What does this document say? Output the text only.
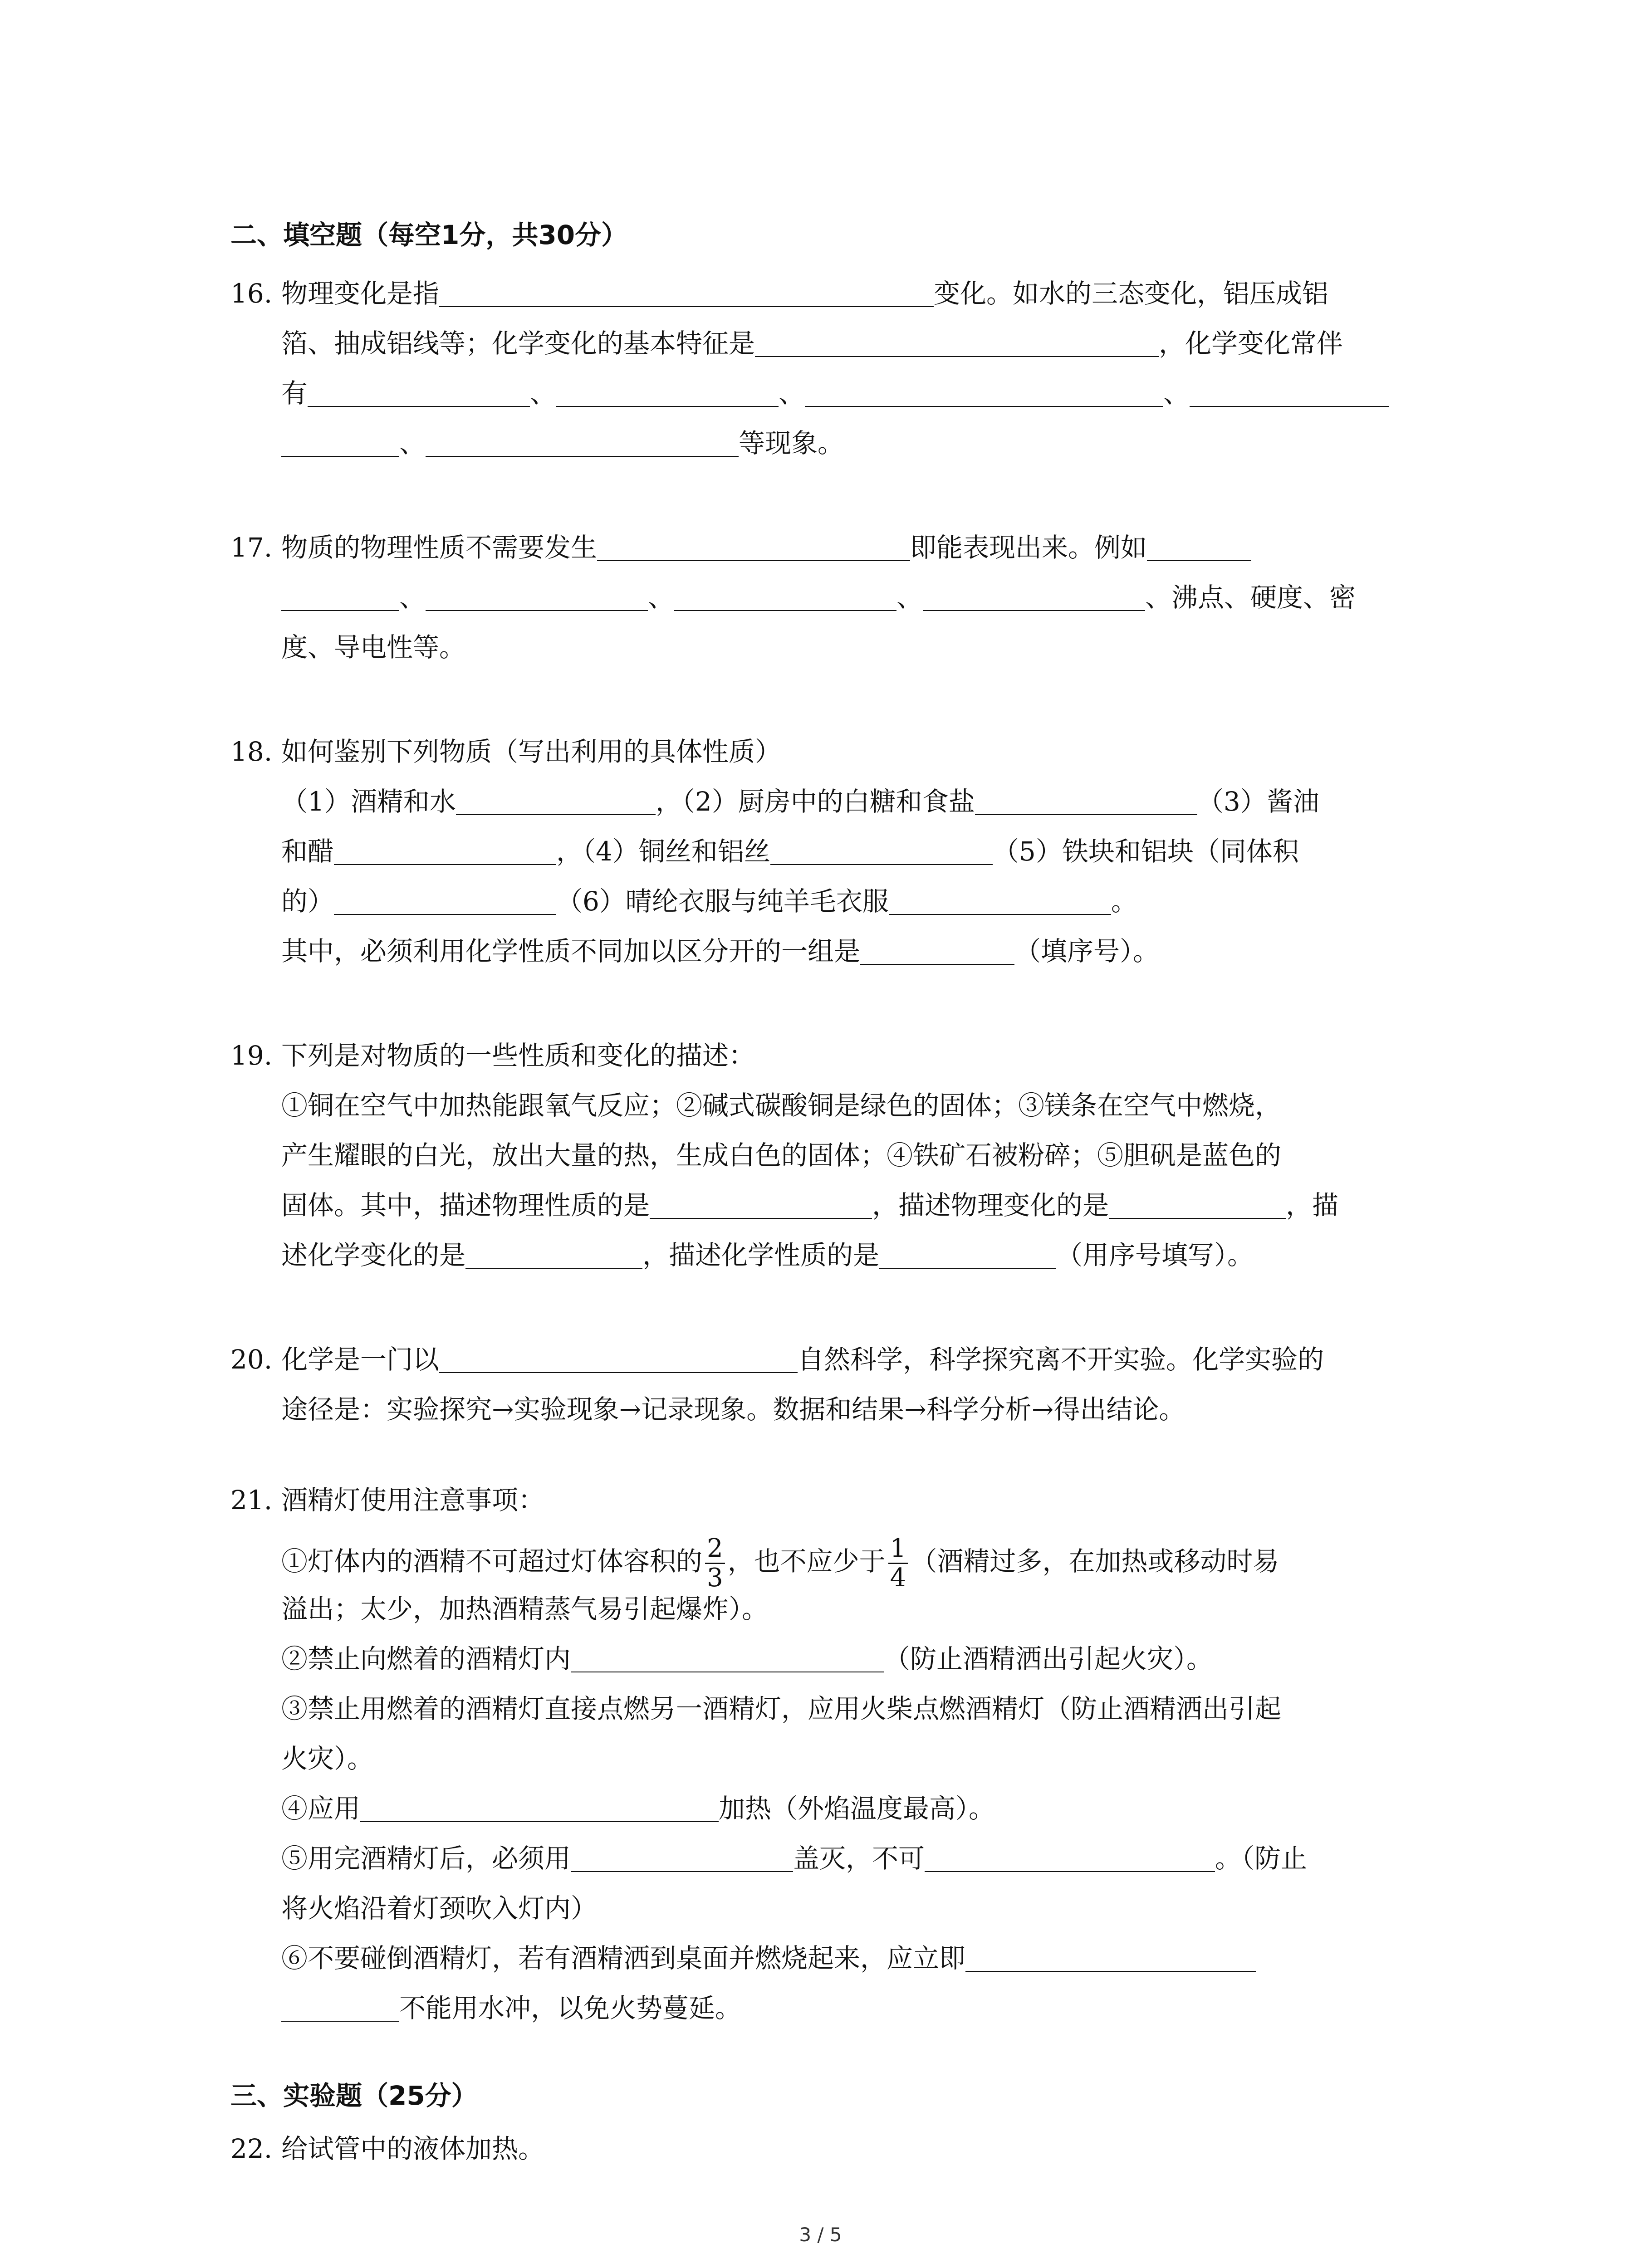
二、填空题（每空1分，共30分）
16. 物理变化是指	变化。如水的三态变化，铝压成铝
箔、抽成铝线等；化学变化的基本特征是	，化学变化常伴
有	、	、	、
、	等现象。
17. 物质的物理性质不需要发生	即能表现出来。例如
、	、	、	、沸点、硬度、密
度、导电性等。
18. 如何鉴别下列物质（写出利用的具体性质）
（1）酒精和水	，（2）厨房中的白糖和食盐	（3）酱油
和醋	，（4）铜丝和铝丝	（5）铁块和铝块（同体积
的）	（6）晴纶衣服与纯羊毛衣服	。
其中，必须利用化学性质不同加以区分开的一组是	（填序号）。
19. 下列是对物质的一些性质和变化的描述：
①铜在空气中加热能跟氧气反应；②碱式碳酸铜是绿色的固体；③镁条在空气中燃烧，
产生耀眼的白光，放出大量的热，生成白色的固体；④铁矿石被粉碎；⑤胆矾是蓝色的
固体。其中，描述物理性质的是	，描述物理变化的是	，描
述化学变化的是	，描述化学性质的是	（用序号填写）。
20. 化学是一门以	自然科学，科学探究离不开实验。化学实验的
途径是：实验探究→实验现象→记录现象。数据和结果→科学分析→得出结论。
21. 酒精灯使用注意事项：
①灯体内的酒精不可超过灯体容积的 $\frac{2}{3}$ ，也不应少于 $\frac{1}{4}$ （酒精过多，在加热或移动时易
溢出；太少，加热酒精蒸气易引起爆炸）。
②禁止向燃着的酒精灯内	（防止酒精洒出引起火灾）。
③禁止用燃着的酒精灯直接点燃另一酒精灯，应用火柴点燃酒精灯（防止酒精洒出引起
火灾）。
④应用	加热（外焰温度最高）。
⑤用完酒精灯后，必须用	盖灭，不可	。（防止
将火焰沿着灯颈吹入灯内）
⑥不要碰倒酒精灯，若有酒精洒到桌面并燃烧起来，应立即
不能用水冲，以免火势蔓延。
三、实验题（25分）
22. 给试管中的液体加热。
3 / 5
